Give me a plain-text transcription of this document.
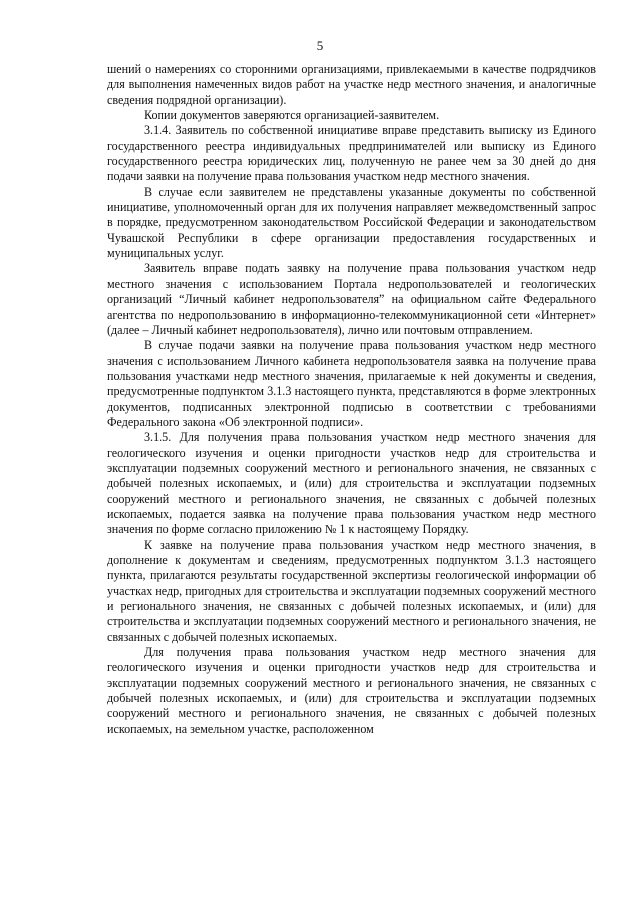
5

шений о намерениях со сторонними организациями, привлекаемыми в качестве подрядчиков для выполнения намеченных видов работ на участке недр местного значения, и аналогичные сведения подрядной организации).

Копии документов заверяются организацией-заявителем.

3.1.4. Заявитель по собственной инициативе вправе представить выписку из Единого государственного реестра индивидуальных предпринимателей или выписку из Единого государственного реестра юридических лиц, полученную не ранее чем за 30 дней до дня подачи заявки на получение права пользования участком недр местного значения.

В случае если заявителем не представлены указанные документы по собственной инициативе, уполномоченный орган для их получения направляет межведомственный запрос в порядке, предусмотренном законодательством Российской Федерации и законодательством Чувашской Республики в сфере организации предоставления государственных и муниципальных услуг.

Заявитель вправе подать заявку на получение права пользования участком недр местного значения с использованием Портала недропользователей и геологических организаций “Личный кабинет недропользователя” на официальном сайте Федерального агентства по недропользованию в информационно-телекоммуникационной сети «Интернет» (далее – Личный кабинет недропользователя), лично или почтовым отправлением.

В случае подачи заявки на получение права пользования участком недр местного значения с использованием Личного кабинета недропользователя заявка на получение права пользования участками недр местного значения, прилагаемые к ней документы и сведения, предусмотренные подпунктом 3.1.3 настоящего пункта, представляются в форме электронных документов, подписанных электронной подписью в соответствии с требованиями Федерального закона «Об электронной подписи».

3.1.5. Для получения права пользования участком недр местного значения для геологического изучения и оценки пригодности участков недр для строительства и эксплуатации подземных сооружений местного и регионального значения, не связанных с добычей полезных ископаемых, и (или) для строительства и эксплуатации подземных сооружений местного и регионального значения, не связанных с добычей полезных ископаемых, подается заявка на получение права пользования участком недр местного значения по форме согласно приложению № 1 к настоящему Порядку.

К заявке на получение права пользования участком недр местного значения, в дополнение к документам и сведениям, предусмотренных подпунктом 3.1.3 настоящего пункта, прилагаются результаты государственной экспертизы геологической информации об участках недр, пригодных для строительства и эксплуатации подземных сооружений местного и регионального значения, не связанных с добычей полезных ископаемых, и (или) для строительства и эксплуатации подземных сооружений местного и регионального значения, не связанных с добычей полезных ископаемых.

Для получения права пользования участком недр местного значения для геологического изучения и оценки пригодности участков недр для строительства и эксплуатации подземных сооружений местного и регионального значения, не связанных с добычей полезных ископаемых, и (или) для строительства и эксплуатации подземных сооружений местного и регионального значения, не связанных с добычей полезных ископаемых, на земельном участке, расположенном
